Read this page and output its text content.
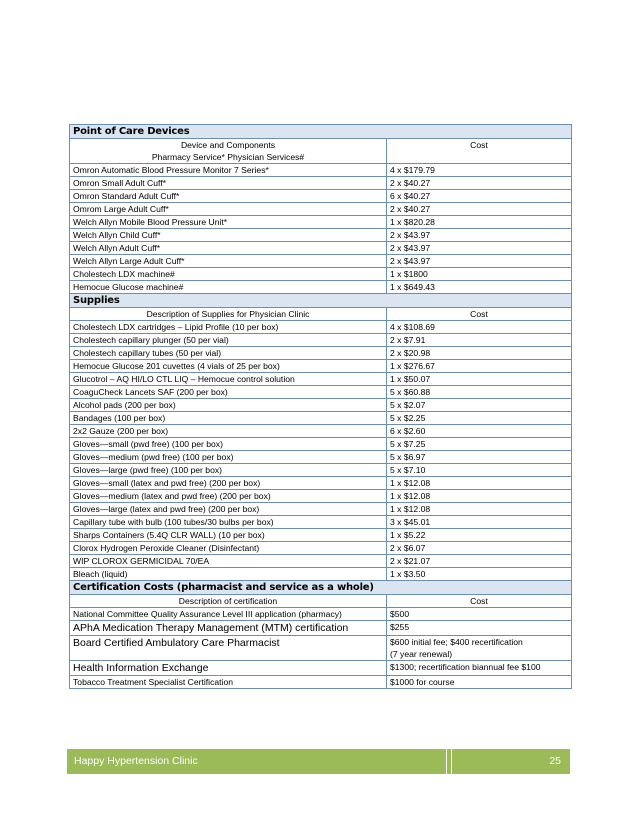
Point of Care Devices	

Device and Components
Pharmacy Service* Physician Services#	Cost
Omron Automatic Blood Pressure Monitor 7 Series*	4 x $179.79
Omron Small Adult Cuff*	2 x $40.27
Omron Standard Adult Cuff*	6 x $40.27
Omrom Large Adult Cuff*	2 x $40.27
Welch Allyn Mobile Blood Pressure Unit*	1 x $820.28
Welch Allyn Child Cuff*	2 x $43.97
Welch Allyn Adult Cuff*	2 x $43.97
Welch Allyn Large Adult Cuff*	2 x $43.97
Cholestech LDX machine#	1 x $1800
Hemocue Glucose machine#	1 x $649.43
Supplies	
Description of Supplies for Physician Clinic	Cost
Cholestech LDX cartridges – Lipid Profile (10 per box)	4 x $108.69
Cholestech capillary plunger (50 per vial)	2 x $7.91
Cholestech capillary tubes (50 per vial)	2 x $20.98
Hemocue Glucose 201 cuvettes (4 vials of 25 per box)	1 x $276.67
Glucotrol – AQ HI/LO CTL LIQ – Hemocue control solution	1 x $50.07
CoaguCheck Lancets SAF (200 per box)	5 x $60.88
Alcohol pads (200 per box)	5 x $2.07
Bandages (100 per box)	5 x $2.25
2x2 Gauze (200 per box)	6 x $2.60
Gloves—small (pwd free) (100 per box)	5 x $7.25
Gloves—medium (pwd free) (100 per box)	5 x $6.97
Gloves—large (pwd free) (100 per box)	5 x $7.10
Gloves—small (latex and pwd free) (200 per box)	1 x $12.08
Gloves—medium (latex and pwd free) (200 per box)	1 x $12.08
Gloves—large (latex and pwd free) (200 per box)	1 x $12.08
Capillary tube with bulb (100 tubes/30 bulbs per box)	3 x $45.01
Sharps Containers (5.4Q CLR WALL) (10 per box)	1 x $5.22
Clorox Hydrogen Peroxide Cleaner (Disinfectant)	2 x $6.07
WIP CLOROX GERMICIDAL 70/EA	2 x $21.07
Bleach (liquid)	1 x $3.50
Certification Costs (pharmacist and service as a whole)	
Description of certification	Cost
National Committee Quality Assurance Level III application (pharmacy)	$500
APhA Medication Therapy Management (MTM) certification	$255
Board Certified Ambulatory Care Pharmacist	$600 initial fee; $400 recertification
(7 year renewal)

Health Information Exchange	$1300; recertification biannual fee $100
Tobacco Treatment Specialist Certification	$1000 for course
Happy Hypertension Clinic	25
